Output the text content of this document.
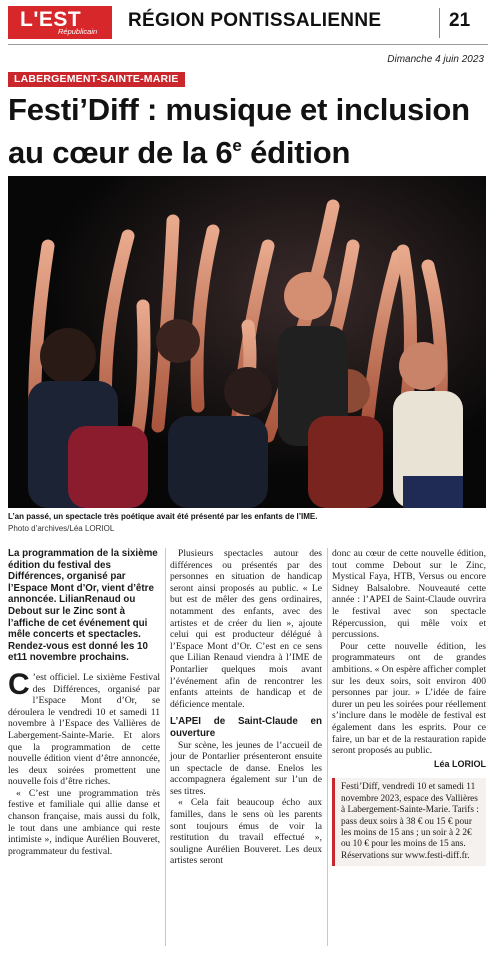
L'EST
Républicain
RÉGION PONTISSALIENNE	21
Dimanche 4 juin 2023
LABERGEMENT-SAINTE-MARIE
Festi’Diff : musique et inclusion
au cœur de la 6e édition
L’an passé, un spectacle très poétique avait été présenté par les enfants de l’IME.
Photo d’archives/Léa LORIOL
La programmation de la sixième édition du festival des Différences, organisé par l’Espace Mont d’Or, vient d’être annoncée. LilianRenaud ou Debout sur le Zinc sont à l’affiche de cet événement qui mêle concerts et spectacles. Rendez-vous est donné les 10 et11 novembre prochains.

C ’est officiel. Le sixième Festival des Différences, organisé par l’Espace Mont d’Or, se déroulera le vendredi 10 et samedi 11 novembre à l’Espace des Vallières de Labergement-Sainte-Marie. Et alors que la programmation de cette nouvelle édition vient d’être annoncée, les deux soirées promettent une nouvelle fois d’être riches.

« C’est une programmation très festive et familiale qui allie danse et chanson française, mais aussi du folk, le tout dans une ambiance qui reste intimiste », indique Aurélien Bouveret, programmateur du festival.

Plusieurs spectacles autour des différences ou présentés par des personnes en situation de handicap seront ainsi proposés au public. « Le but est de mêler des gens ordinaires, notamment des enfants, avec des artistes et de créer du lien », ajoute celui qui est producteur délégué à l’Espace Mont d’Or. C’est en ce sens que Lilian Renaud viendra à l’IME de Pontarlier quelques mois avant l’événement afin de rencontrer les enfants atteints de handicap et de déficience mentale.

L’APEI de Saint-Claude en ouverture

Sur scène, les jeunes de l’accueil de jour de Pontarlier présenteront ensuite un spectacle de danse. Enelos les accompagnera également sur l’un de ses titres.

« Cela fait beaucoup écho aux familles, dans le sens où les parents sont toujours émus de voir la restitution du travail effectué », souligne Aurélien Bouveret. Les deux artistes seront

donc au cœur de cette nouvelle édition, tout comme Debout sur le Zinc, Mystical Faya, HTB, Versus ou encore Sidney Balsalobre. Nouveauté cette année : l’APEI de Saint-Claude ouvrira le festival avec son spectacle Répercussion, qui mêle voix et percussions.

Pour cette nouvelle édition, les programmateurs ont de grandes ambitions. « On espère afficher complet sur les deux soirs, soit environ 400 personnes par jour. » L’idée de faire durer un peu les soirées pour réellement s’inclure dans le modèle de festival est également dans les esprits. Pour ce faire, un bar et de la restauration rapide seront proposés au public.

Léa LORIOL

Festi’Diff, vendredi 10 et samedi 11 novembre 2023, espace des Vallières à Labergement-Sainte-Marie. Tarifs : pass deux soirs à 38 € ou 15 € pour les moins de 15 ans ; un soir à 2 2€ ou 10 € pour les moins de 15 ans. Réservations sur www.festi-diff.fr.
